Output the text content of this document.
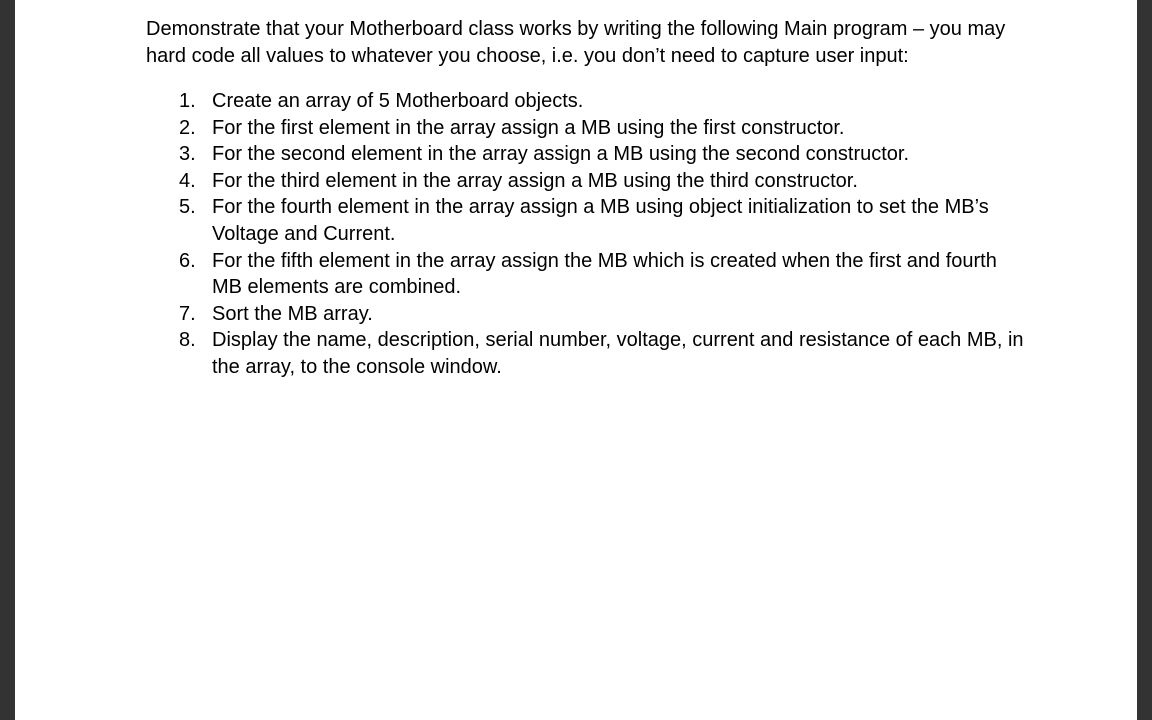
Demonstrate that your Motherboard class works by writing the following Main program – you may hard code all values to whatever you choose, i.e. you don’t need to capture user input:

1. Create an array of 5 Motherboard objects.
2. For the first element in the array assign a MB using the first constructor.
3. For the second element in the array assign a MB using the second constructor.
4. For the third element in the array assign a MB using the third constructor.
5. For the fourth element in the array assign a MB using object initialization to set the MB’s Voltage and Current.
6. For the fifth element in the array assign the MB which is created when the first and fourth MB elements are combined.
7. Sort the MB array.
8. Display the name, description, serial number, voltage, current and resistance of each MB, in the array, to the console window.
